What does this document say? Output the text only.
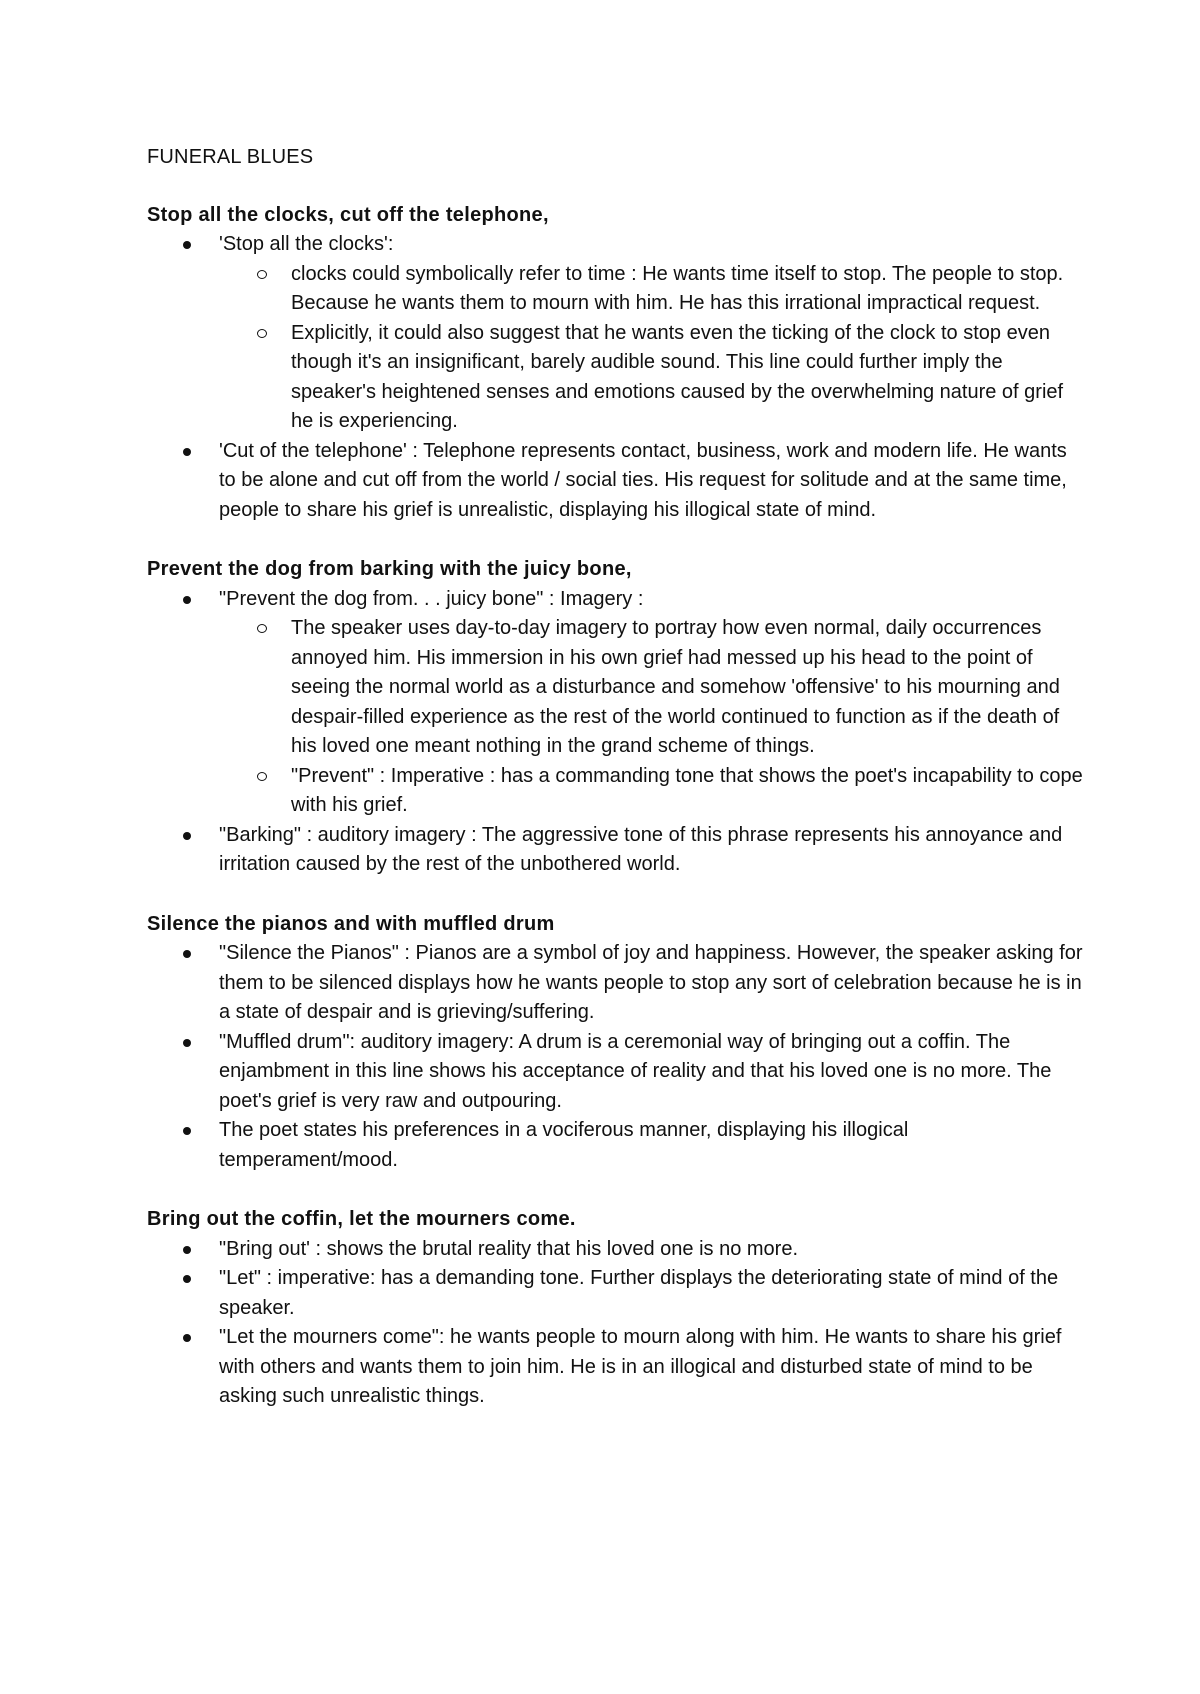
FUNERAL BLUES
Stop all the clocks, cut off the telephone,
'Stop all the clocks':
clocks could symbolically refer to time : He wants time itself to stop. The people to stop. Because he wants them to mourn with him. He has this irrational impractical request.
Explicitly, it could also suggest that he wants even the ticking of the clock to stop even though it's an insignificant, barely audible sound. This line could further imply the speaker's heightened senses and emotions caused by the overwhelming nature of grief he is experiencing.
'Cut of the telephone' : Telephone represents contact, business, work and modern life. He wants to be alone and cut off from the world / social ties. His request for solitude and at the same time, people to share his grief is unrealistic, displaying his illogical state of mind.
Prevent the dog from barking with the juicy bone,
"Prevent the dog from. . . juicy bone" : Imagery :
The speaker uses day-to-day imagery to portray how even normal, daily occurrences annoyed him. His immersion in his own grief had messed up his head to the point of seeing the normal world as a disturbance and somehow 'offensive' to his mourning and despair-filled experience as the rest of the world continued to function as if the death of his loved one meant nothing in the grand scheme of things.
"Prevent" : Imperative : has a commanding tone that shows the poet's incapability to cope with his grief.
"Barking" : auditory imagery : The aggressive tone of this phrase represents his annoyance and irritation caused by the rest of the unbothered world.
Silence the pianos and with muffled drum
"Silence the Pianos" : Pianos are a symbol of joy and happiness. However, the speaker asking for them to be silenced displays how he wants people to stop any sort of celebration because he is in a state of despair and is grieving/suffering.
"Muffled drum": auditory imagery: A drum is a ceremonial way of bringing out a coffin. The enjambment in this line shows his acceptance of reality and that his loved one is no more. The poet's grief is very raw and outpouring.
The poet states his preferences in a vociferous manner, displaying his illogical temperament/mood.
Bring out the coffin, let the mourners come.
"Bring out' : shows the brutal reality that his loved one is no more.
"Let" : imperative: has a demanding tone. Further displays the deteriorating state of mind of the speaker.
"Let the mourners come": he wants people to mourn along with him. He wants to share his grief with others and wants them to join him. He is in an illogical and disturbed state of mind to be asking such unrealistic things.
